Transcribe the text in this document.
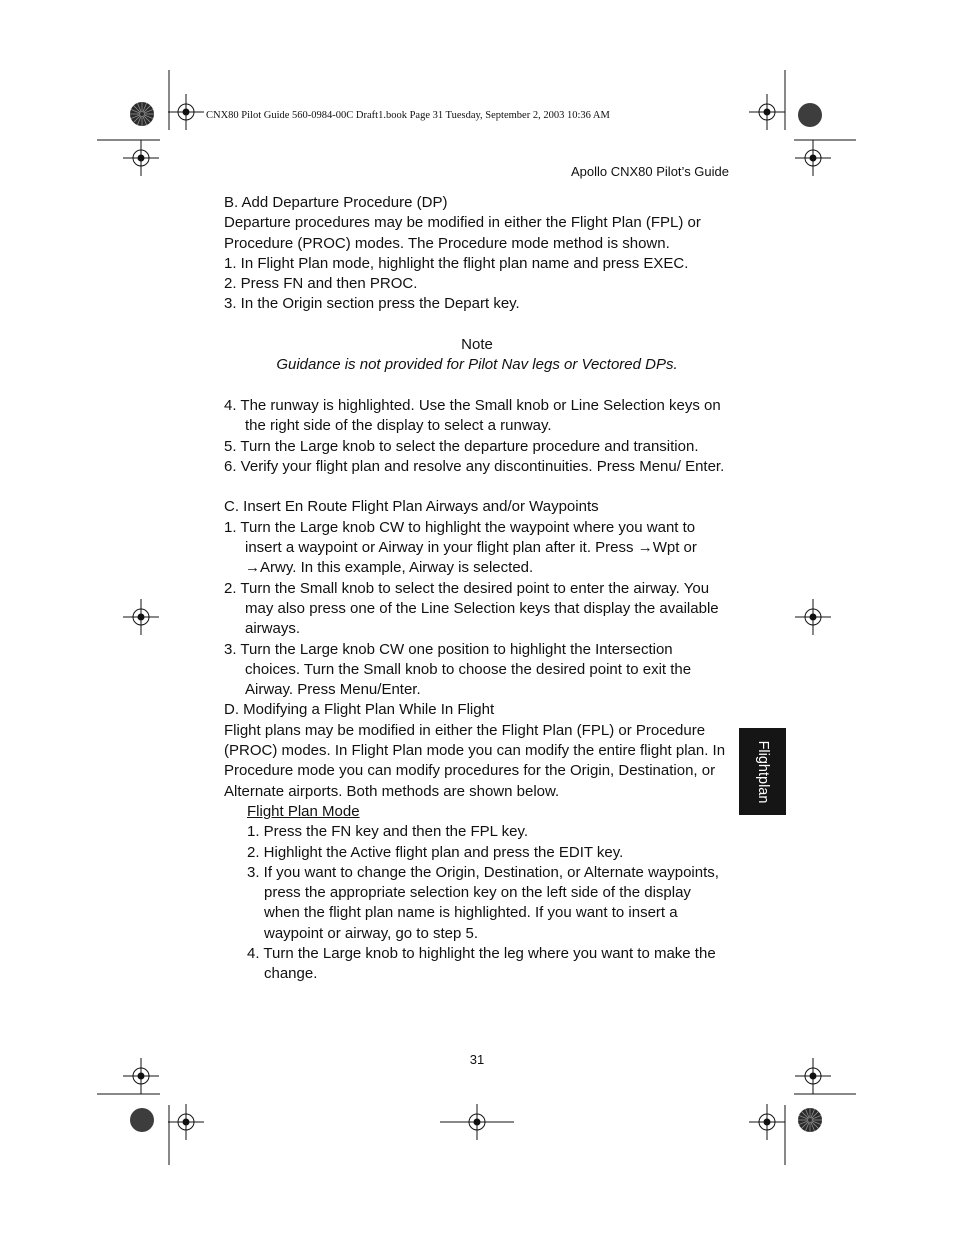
CNX80 Pilot Guide 560-0984-00C Draft1.book Page 31 Tuesday, September 2, 2003 10:36 AM
Apollo CNX80 Pilot’s Guide

B. Add Departure Procedure (DP)

Departure procedures may be modified in either the Flight Plan (FPL) or Procedure (PROC) modes. The Procedure mode method is shown.

1. In Flight Plan mode, highlight the flight plan name and press EXEC.

2. Press FN and then PROC.

3. In the Origin section press the Depart key.

Note

Guidance is not provided for Pilot Nav legs or Vectored DPs.

4. The runway is highlighted. Use the Small knob or Line Selection keys on the right side of the display to select a runway.

5. Turn the Large knob to select the departure procedure and transition.

6. Verify your flight plan and resolve any discontinuities. Press Menu/ Enter.

C. Insert En Route Flight Plan Airways and/or Waypoints

1. Turn the Large knob CW to highlight the waypoint where you want to insert a waypoint or Airway in your flight plan after it. Press →Wpt or →Arwy. In this example, Airway is selected.

2. Turn the Small knob to select the desired point to enter the airway. You may also press one of the Line Selection keys that display the available airways.

3. Turn the Large knob CW one position to highlight the Intersection choices. Turn the Small knob to choose the desired point to exit the Airway. Press Menu/Enter.

D. Modifying a Flight Plan While In Flight

Flight plans may be modified in either the Flight Plan (FPL) or Procedure (PROC) modes. In Flight Plan mode you can modify the entire flight plan. In Procedure mode you can modify procedures for the Origin, Destination, or Alternate airports. Both methods are shown below.

Flight Plan Mode

1. Press the FN key and then the FPL key.

2. Highlight the Active flight plan and press the EDIT key.

3. If you want to change the Origin, Destination, or Alternate waypoints, press the appropriate selection key on the left side of the display when the flight plan name is highlighted. If you want to insert a waypoint or airway, go to step 5.

4. Turn the Large knob to highlight the leg where you want to make the change.

31
Flightplan
